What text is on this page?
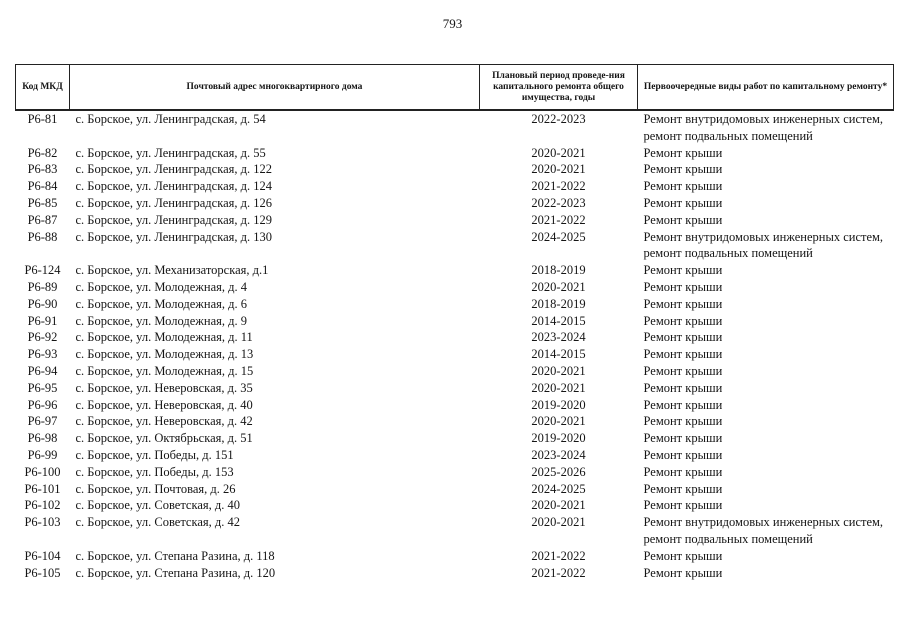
793
Код МКД	Почтовый адрес многоквартирного дома	Плановый период проведе-ния капитального ремонта общего имущества, годы	Первоочередные виды работ по капитальному ремонту*
Р6-81	с. Борское, ул. Ленинградская, д. 54	2022-2023	Ремонт внутридомовых инженерных систем,
ремонт подвальных помещений

Р6-82	с. Борское, ул. Ленинградская, д. 55	2020-2021	Ремонт крыши

Р6-83	с. Борское, ул. Ленинградская, д. 122	2020-2021	Ремонт крыши

Р6-84	с. Борское, ул. Ленинградская, д. 124	2021-2022	Ремонт крыши

Р6-85	с. Борское, ул. Ленинградская, д. 126	2022-2023	Ремонт крыши

Р6-87	с. Борское, ул. Ленинградская, д. 129	2021-2022	Ремонт крыши

Р6-88	с. Борское, ул. Ленинградская, д. 130	2024-2025	Ремонт внутридомовых инженерных систем,
ремонт подвальных помещений

Р6-124	с. Борское, ул. Механизаторская, д.1	2018-2019	Ремонт крыши

Р6-89	с. Борское, ул. Молодежная, д. 4	2020-2021	Ремонт крыши

Р6-90	с. Борское, ул. Молодежная, д. 6	2018-2019	Ремонт крыши

Р6-91	с. Борское, ул. Молодежная, д. 9	2014-2015	Ремонт крыши

Р6-92	с. Борское, ул. Молодежная, д. 11	2023-2024	Ремонт крыши

Р6-93	с. Борское, ул. Молодежная, д. 13	2014-2015	Ремонт крыши

Р6-94	с. Борское, ул. Молодежная, д. 15	2020-2021	Ремонт крыши

Р6-95	с. Борское, ул. Неверовская, д. 35	2020-2021	Ремонт крыши

Р6-96	с. Борское, ул. Неверовская, д. 40	2019-2020	Ремонт крыши

Р6-97	с. Борское, ул. Неверовская, д. 42	2020-2021	Ремонт крыши

Р6-98	с. Борское, ул. Октябрьская, д. 51	2019-2020	Ремонт крыши

Р6-99	с. Борское, ул. Победы, д. 151	2023-2024	Ремонт крыши

Р6-100	с. Борское, ул. Победы, д. 153	2025-2026	Ремонт крыши

Р6-101	с. Борское, ул. Почтовая, д. 26	2024-2025	Ремонт крыши

Р6-102	с. Борское, ул. Советская, д. 40	2020-2021	Ремонт крыши

Р6-103	с. Борское, ул. Советская, д. 42	2020-2021	Ремонт внутридомовых инженерных систем,
ремонт подвальных помещений

Р6-104	с. Борское, ул. Степана Разина, д. 118	2021-2022	Ремонт крыши

Р6-105	с. Борское, ул. Степана Разина, д. 120	2021-2022	Ремонт крыши
